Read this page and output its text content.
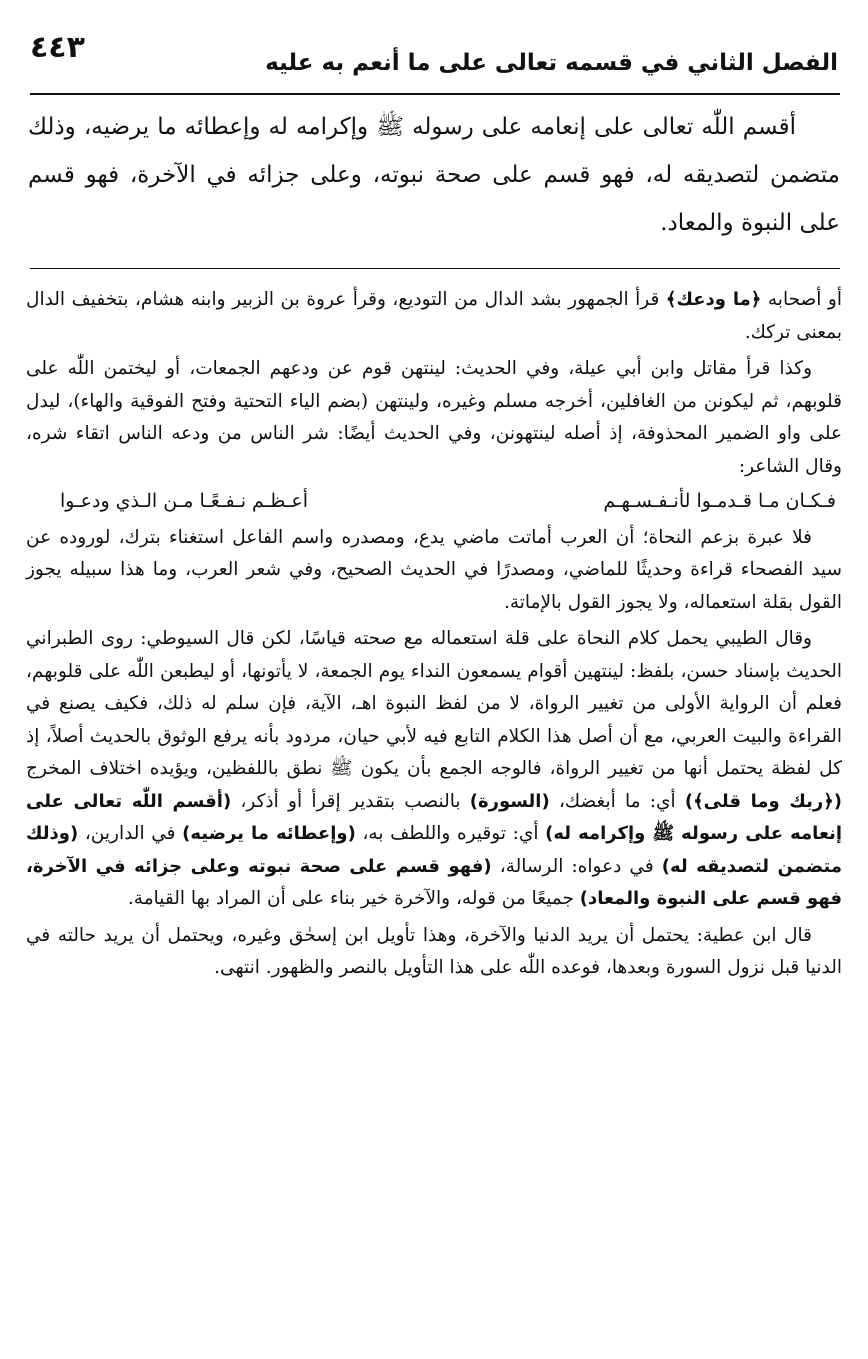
٤٤٣	الفصل الثاني في قسمه تعالى على ما أنعم به عليه

أقسم اللّٰه تعالى على إنعامه على رسوله ﷺ وإكرامه له وإعطائه ما يرضيه، وذلك متضمن لتصديقه له، فهو قسم على صحة نبوته، وعلى جزائه في الآخرة، فهو قسم على النبوة والمعاد.

أو أصحابه ﴿ما ودعك﴾ قرأ الجمهور بشد الدال من التوديع، وقرأ عروة بن الزبير وابنه هشام، بتخفيف الدال بمعنى تركك.

وكذا قرأ مقاتل وابن أبي عيلة، وفي الحديث: لينتهن قوم عن ودعهم الجمعات، أو ليختمن اللّٰه على قلوبهم، ثم ليكونن من الغافلين، أخرجه مسلم وغيره، ولينتهن (بضم الياء التحتية وفتح الفوقية والهاء)، ليدل على واو الضمير المحذوفة، إذ أصله لينتهونن، وفي الحديث أيضًا: شر الناس من ودعه الناس اتقاء شره، وقال الشاعر:

فـكـان مـا قـدمـوا لأنـفـسـهـم
أعـظـم نـفـعًـا مـن الـذي ودعـوا

فلا عبرة بزعم النحاة؛ أن العرب أماتت ماضي يدع، ومصدره واسم الفاعل استغناء بترك، لوروده عن سيد الفصحاء قراءة وحديثًا للماضي، ومصدرًا في الحديث الصحيح، وفي شعر العرب، وما هذا سبيله يجوز القول بقلة استعماله، ولا يجوز القول بالإماتة.

وقال الطيبي يحمل كلام النحاة على قلة استعماله مع صحته قياسًا، لكن قال السيوطي: روى الطبراني الحديث بإسناد حسن، بلفظ: لينتهين أقوام يسمعون النداء يوم الجمعة، لا يأتونها، أو ليطبعن اللّٰه على قلوبهم، فعلم أن الرواية الأولى من تغيير الرواة، لا من لفظ النبوة اهـ، الآية، فإن سلم له ذلك، فكيف يصنع في القراءة والبيت العربي، مع أن أصل هذا الكلام التابع فيه لأبي حيان، مردود بأنه يرفع الوثوق بالحديث أصلاً، إذ كل لفظة يحتمل أنها من تغيير الرواة، فالوجه الجمع بأن يكون ﷺ نطق باللفظين، ويؤيده اختلاف المخرج (﴿ربك وما قلى﴾) أي: ما أبغضك، (السورة) بالنصب بتقدير إقرأ أو أذكر، (أقسم اللّٰه تعالى على إنعامه على رسوله ﷺ وإكرامه له) أي: توقيره واللطف به، (وإعطائه ما يرضيه) في الدارين، (وذلك متضمن لتصديقه له) في دعواه: الرسالة، (فهو قسم على صحة نبوته وعلى جزائه في الآخرة، فهو قسم على النبوة والمعاد) جميعًا من قوله، والآخرة خير بناء على أن المراد بها القيامة.

قال ابن عطية: يحتمل أن يريد الدنيا والآخرة، وهذا تأويل ابن إسحٰق وغيره، ويحتمل أن يريد حالته في الدنيا قبل نزول السورة وبعدها، فوعده اللّٰه على هذا التأويل بالنصر والظهور. انتهى.
